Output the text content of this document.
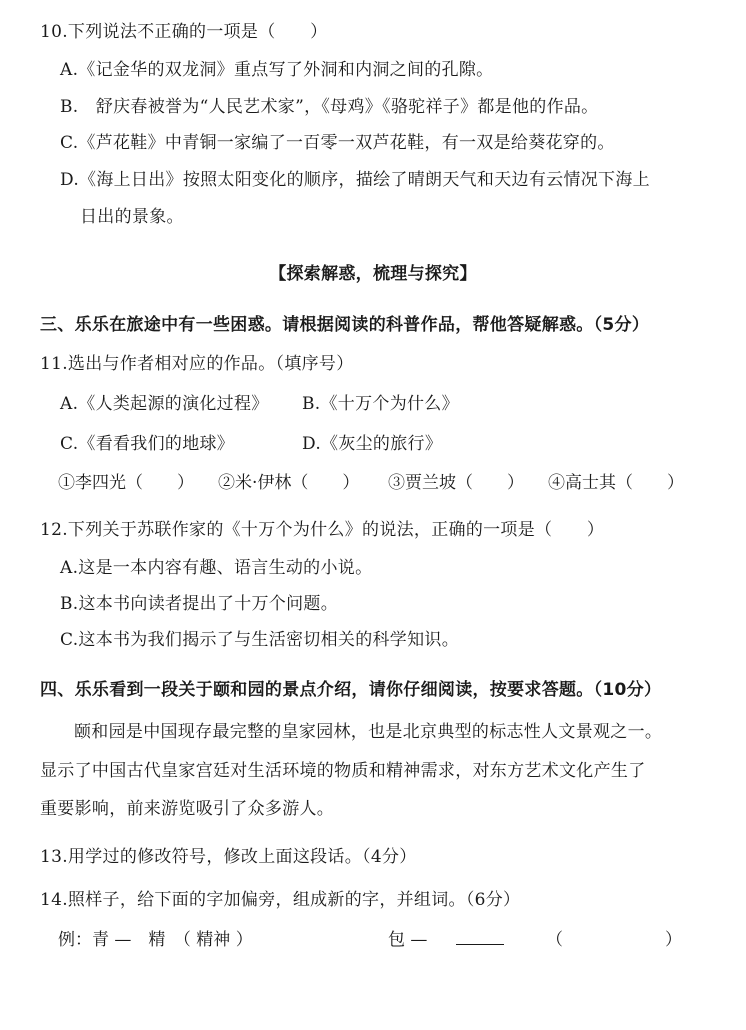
10.下列说法不正确的一项是（　　）
A.《记金华的双龙洞》重点写了外洞和内洞之间的孔隙。
B.　舒庆春被誉为“人民艺术家”，《母鸡》《骆驼祥子》都是他的作品。
C.《芦花鞋》中青铜一家编了一百零一双芦花鞋，有一双是给葵花穿的。
D.《海上日出》按照太阳变化的顺序，描绘了晴朗天气和天边有云情况下海上
日出的景象。
【探索解惑，梳理与探究】
三、乐乐在旅途中有一些困惑。请根据阅读的科普作品，帮他答疑解惑。（5分）
11.选出与作者相对应的作品。（填序号）
A.《人类起源的演化过程》 B.《十万个为什么》
C.《看看我们的地球》	D.《灰尘的旅行》
①李四光（　　） ②米·伊林（　　） ③贾兰坡（　　） ④高士其（　　）
12.下列关于苏联作家的《十万个为什么》的说法，正确的一项是（　　）
A.这是一本内容有趣、语言生动的小说。
B.这本书向读者提出了十万个问题。
C.这本书为我们揭示了与生活密切相关的科学知识。
四、乐乐看到一段关于颐和园的景点介绍，请你仔细阅读，按要求答题。（10分）
颐和园是中国现存最完整的皇家园林，也是北京典型的标志性人文景观之一。
显示了中国古代皇家宫廷对生活环境的物质和精神需求，对东方艺术文化产生了
重要影响，前来游览吸引了众多游人。
13.用学过的修改符号，修改上面这段话。（4分）
14.照样子，给下面的字加偏旁，组成新的字，并组词。（6分）
例：青 —　精　（ 精神 ）	包 —	（　　　　　　）
